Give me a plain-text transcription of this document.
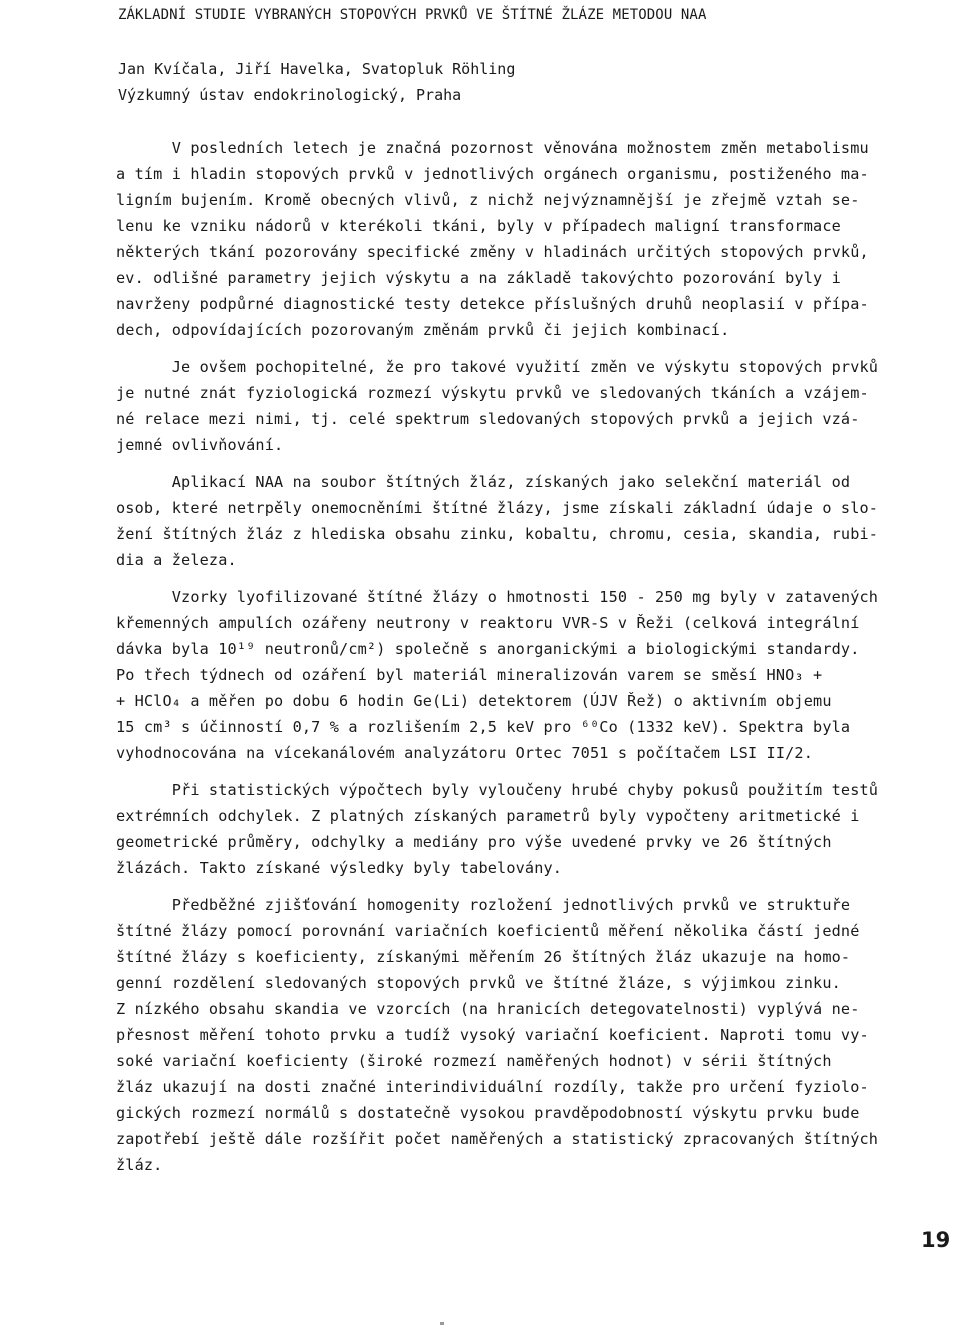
ZÁKLADNÍ STUDIE VYBRANÝCH STOPOVÝCH PRVKŮ VE ŠTÍTNÉ ŽLÁZE METODOU NAA
Jan Kvíčala, Jiří Havelka, Svatopluk Röhling
Výzkumný ústav endokrinologický, Praha
V posledních letech je značná pozornost věnována možnostem změn metabolismu
a tím i hladin stopových prvků v jednotlivých orgánech organismu, postiženého ma-
ligním bujením. Kromě obecných vlivů, z nichž nejvýznamnější je zřejmě vztah se-
lenu ke vzniku nádorů v kterékoli tkáni, byly v případech maligní transformace
některých tkání pozorovány specifické změny v hladinách určitých stopových prvků,
ev. odlišné parametry jejich výskytu a na základě takovýchto pozorování byly i
navrženy podpůrné diagnostické testy detekce příslušných druhů neoplasií v přípa-
dech, odpovídajících pozorovaným změnám prvků či jejich kombinací.
Je ovšem pochopitelné, že pro takové využití změn ve výskytu stopových prvků
je nutné znát fyziologická rozmezí výskytu prvků ve sledovaných tkáních a vzájem-
né relace mezi nimi, tj. celé spektrum sledovaných stopových prvků a jejich vzá-
jemné ovlivňování.
Aplikací NAA na soubor štítných žláz, získaných jako selekční materiál od
osob, které netrpěly onemocněními štítné žlázy, jsme získali základní údaje o slo-
žení štítných žláz z hlediska obsahu zinku, kobaltu, chromu, cesia, skandia, rubi-
dia a železa.
Vzorky lyofilizované štítné žlázy o hmotnosti 150 - 250 mg byly v zatavených
křemenných ampulích ozářeny neutrony v reaktoru VVR-S v Řeži (celková integrální
dávka byla 10¹⁹ neutronů/cm²) společně s anorganickými a biologickými standardy.
Po třech týdnech od ozáření byl materiál mineralizován varem se směsí HNO₃ +
+ HClO₄ a měřen po dobu 6 hodin Ge(Li) detektorem (ÚJV Řež) o aktivním objemu
15 cm³ s účinností 0,7 % a rozlišením 2,5 keV pro ⁶⁰Co (1332 keV). Spektra byla
vyhodnocována na vícekanálovém analyzátoru Ortec 7051 s počítačem LSI II/2.
Při statistických výpočtech byly vyloučeny hrubé chyby pokusů použitím testů
extrémních odchylek. Z platných získaných parametrů byly vypočteny aritmetické i
geometrické průměry, odchylky a mediány pro výše uvedené prvky ve 26 štítných
žlázách. Takto získané výsledky byly tabelovány.
Předběžné zjišťování homogenity rozložení jednotlivých prvků ve struktuře
štítné žlázy pomocí porovnání variačních koeficientů měření několika částí jedné
štítné žlázy s koeficienty, získanými měřením 26 štítných žláz ukazuje na homo-
genní rozdělení sledovaných stopových prvků ve štítné žláze, s výjimkou zinku.
Z nízkého obsahu skandia ve vzorcích (na hranicích detegovatelnosti) vyplývá ne-
přesnost měření tohoto prvku a tudíž vysoký variační koeficient. Naproti tomu vy-
soké variační koeficienty (široké rozmezí naměřených hodnot) v sérii štítných
žláz ukazují na dosti značné interindividuální rozdíly, takže pro určení fyziolo-
gických rozmezí normálů s dostatečně vysokou pravděpodobností výskytu prvku bude
zapotřebí ještě dále rozšířit počet naměřených a statistický zpracovaných štítných
žláz.
19
